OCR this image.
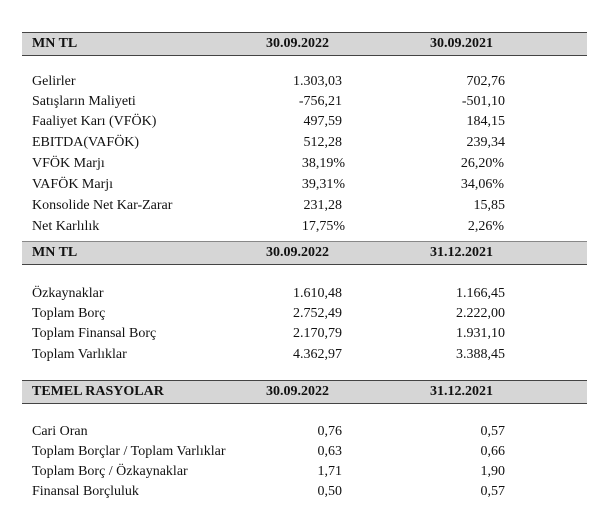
MN TL	30.09.2022	30.09.2021
Gelirler	1.303,03	702,76
Satışların Maliyeti	-756,21	-501,10
Faaliyet Karı (VFÖK)	497,59	184,15
EBITDA(VAFÖK)	512,28	239,34
VFÖK Marjı	38,19%	26,20%
VAFÖK Marjı	39,31%	34,06%
Konsolide Net Kar-Zarar	231,28	15,85
Net Karlılık	17,75%	2,26%
MN TL	30.09.2022	31.12.2021
Özkaynaklar	1.610,48	1.166,45
Toplam Borç	2.752,49	2.222,00
Toplam Finansal Borç	2.170,79	1.931,10
Toplam Varlıklar	4.362,97	3.388,45
TEMEL RASYOLAR	30.09.2022	31.12.2021
Cari Oran	0,76	0,57
Toplam Borçlar / Toplam Varlıklar	0,63	0,66
Toplam Borç / Özkaynaklar	1,71	1,90
Finansal Borçluluk	0,50	0,57
